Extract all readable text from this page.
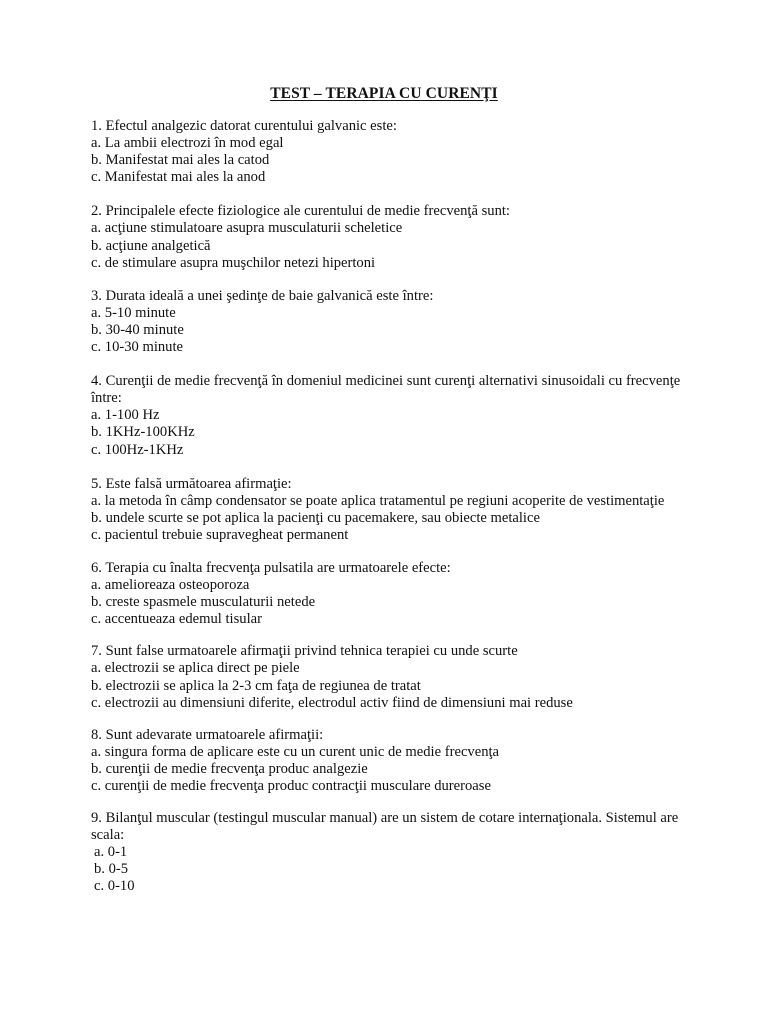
TEST – TERAPIA CU CURENŢI
1. Efectul analgezic datorat curentului galvanic este:
a. La ambii electrozi în mod egal
b. Manifestat mai ales la catod
c. Manifestat mai ales la anod
2. Principalele efecte fiziologice ale curentului de medie frecvenţă sunt:
a. acţiune stimulatoare asupra musculaturii scheletice
b. acţiune analgetică
c. de stimulare asupra muşchilor netezi hipertoni
3. Durata ideală a unei şedinţe de baie galvanică este între:
a. 5-10 minute
b. 30-40 minute
c. 10-30 minute
4. Curenţii de medie frecvenţă în domeniul medicinei sunt curenţi alternativi sinusoidali cu frecvenţe între:
a. 1-100 Hz
b. 1KHz-100KHz
c. 100Hz-1KHz
5. Este falsă următoarea afirmaţie:
a. la metoda în câmp condensator se poate aplica tratamentul pe regiuni acoperite de vestimentaţie
b. undele scurte se pot aplica la pacienţi cu pacemakere, sau obiecte metalice
c. pacientul trebuie supravegheat permanent
6. Terapia cu înalta frecvenţa pulsatila are urmatoarele efecte:
a. amelioreaza osteoporoza
b. creste spasmele musculaturii netede
c. accentueaza edemul tisular
7. Sunt false urmatoarele afirmaţii privind tehnica terapiei cu unde scurte
a. electrozii se aplica direct pe piele
b. electrozii se aplica la 2-3 cm faţa de regiunea de tratat
c. electrozii au dimensiuni diferite, electrodul activ fiind de dimensiuni mai reduse
8. Sunt adevarate urmatoarele afirmaţii:
a. singura forma de aplicare este cu un curent unic de medie frecvenţa
b. curenţii de medie frecvenţa produc analgezie
c. curenţii de medie frecvenţa produc contracţii musculare dureroase
9. Bilanţul muscular (testingul muscular manual) are un sistem de cotare internaţionala. Sistemul are scala:
a. 0-1
b. 0-5
c. 0-10
